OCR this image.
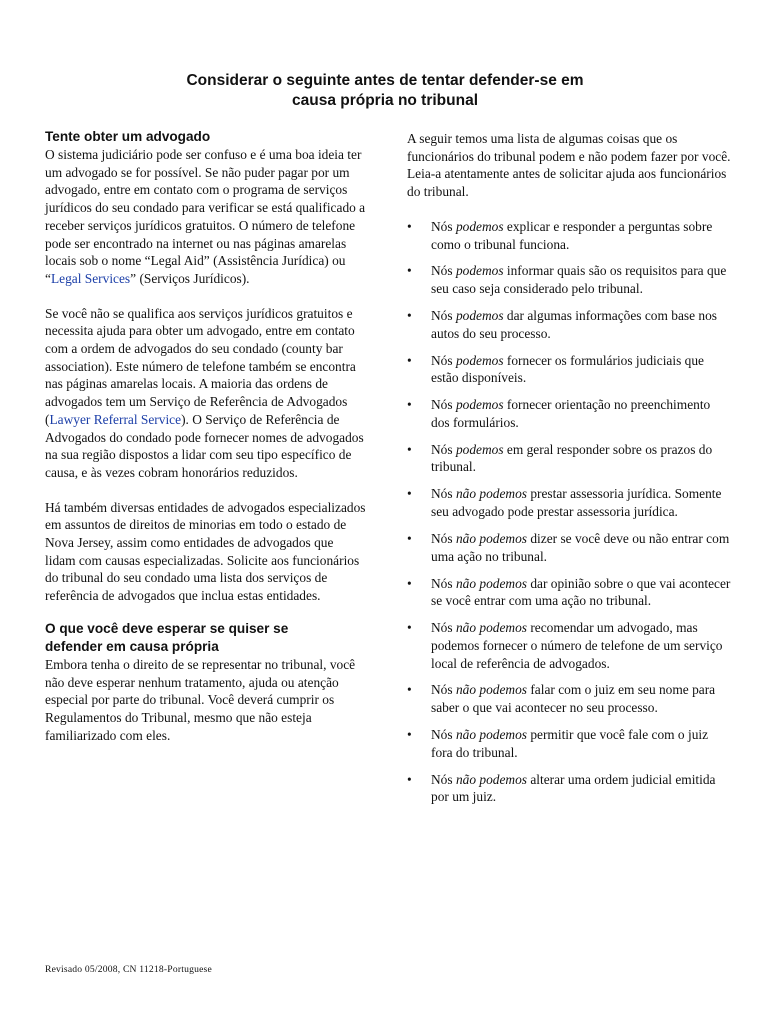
Considerar o seguinte antes de tentar defender-se em
causa própria no tribunal
Tente obter um advogado

O sistema judiciário pode ser confuso e é uma boa ideia ter um advogado se for possível. Se não puder pagar por um advogado, entre em contato com o programa de serviços jurídicos do seu condado para verificar se está qualificado a receber serviços jurídicos gratuitos. O número de telefone pode ser encontrado na internet ou nas páginas amarelas locais sob o nome “Legal Aid” (Assistência Jurídica) ou “Legal Services” (Serviços Jurídicos).

Se você não se qualifica aos serviços jurídicos gratuitos e necessita ajuda para obter um advogado, entre em contato com a ordem de advogados do seu condado (county bar association). Este número de telefone também se encontra nas páginas amarelas locais. A maioria das ordens de advogados tem um Serviço de Referência de Advogados (Lawyer Referral Service). O Serviço de Referência de Advogados do condado pode fornecer nomes de advogados na sua região dispostos a lidar com seu tipo específico de causa, e às vezes cobram honorários reduzidos.

Há também diversas entidades de advogados especializados em assuntos de direitos de minorias em todo o estado de Nova Jersey, assim como entidades de advogados que lidam com causas especializadas. Solicite aos funcionários do tribunal do seu condado uma lista dos serviços de referência de advogados que inclua estas entidades.

O que você deve esperar se quiser se
defender em causa própria

Embora tenha o direito de se representar no tribunal, você não deve esperar nenhum tratamento, ajuda ou atenção especial por parte do tribunal. Você deverá cumprir os Regulamentos do Tribunal, mesmo que não esteja familiarizado com eles.

A seguir temos uma lista de algumas coisas que os funcionários do tribunal podem e não podem fazer por você. Leia-a atentamente antes de solicitar ajuda aos funcionários do tribunal.

• Nós podemos explicar e responder a perguntas sobre como o tribunal funciona.
• Nós podemos informar quais são os requisitos para que seu caso seja considerado pelo tribunal.
• Nós podemos dar algumas informações com base nos autos do seu processo.
• Nós podemos fornecer os formulários judiciais que estão disponíveis.
• Nós podemos fornecer orientação no preenchimento dos formulários.
• Nós podemos em geral responder sobre os prazos do tribunal.
• Nós não podemos prestar assessoria jurídica. Somente seu advogado pode prestar assessoria jurídica.
• Nós não podemos dizer se você deve ou não entrar com uma ação no tribunal.
• Nós não podemos dar opinião sobre o que vai acontecer se você entrar com uma ação no tribunal.
• Nós não podemos recomendar um advogado, mas podemos fornecer o número de telefone de um serviço local de referência de advogados.
• Nós não podemos falar com o juiz em seu nome para saber o que vai acontecer no seu processo.
• Nós não podemos permitir que você fale com o juiz fora do tribunal.
• Nós não podemos alterar uma ordem judicial emitida por um juiz.
Revisado 05/2008, CN 11218-Portuguese
